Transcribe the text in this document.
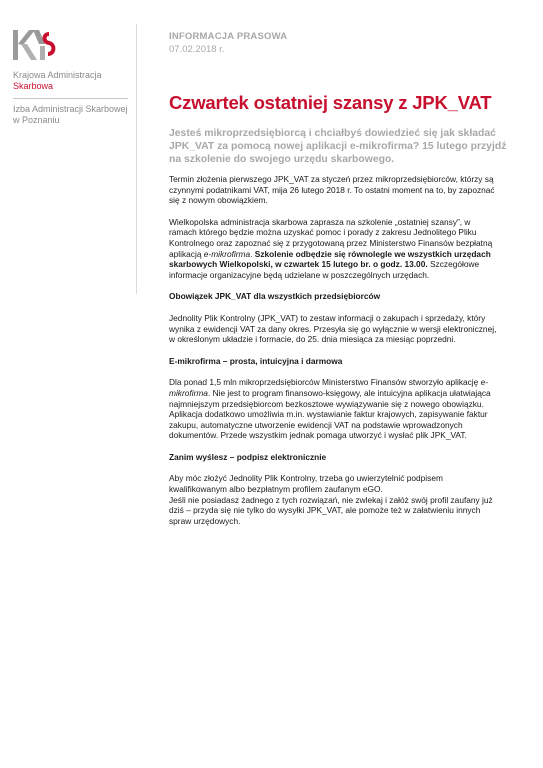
Krajowa Administracja
Skarbowa
Izba Administracji Skarbowej
w Poznaniu
INFORMACJA PRASOWA
07.02.2018 r.
Czwartek ostatniej szansy z JPK_VAT
Jesteś mikroprzedsiębiorcą i chciałbyś dowiedzieć się jak składać JPK_VAT za pomocą nowej aplikacji e-mikrofirma? 15 lutego przyjdź na szkolenie do swojego urzędu skarbowego.

Termin złożenia pierwszego JPK_VAT za styczeń przez mikroprzedsiębiorców, którzy są czynnymi podatnikami VAT, mija 26 lutego 2018 r. To ostatni moment na to, by zapoznać się z nowym obowiązkiem.

Wielkopolska administracja skarbowa zaprasza na szkolenie „ostatniej szansy”, w ramach którego będzie można uzyskać pomoc i porady z zakresu Jednolitego Pliku Kontrolnego oraz zapoznać się z przygotowaną przez Ministerstwo Finansów bezpłatną aplikacją e-mikrofirma. Szkolenie odbędzie się równolegle we wszystkich urzędach skarbowych Wielkopolski, w czwartek 15 lutego br. o godz. 13.00. Szczegółowe informacje organizacyjne będą udzielane w poszczególnych urzędach.

Obowiązek JPK_VAT dla wszystkich przedsiębiorców

Jednolity Plik Kontrolny (JPK_VAT) to zestaw informacji o zakupach i sprzedaży, który wynika z ewidencji VAT za dany okres. Przesyła się go wyłącznie w wersji elektronicznej, w określonym układzie i formacie, do 25. dnia miesiąca za miesiąc poprzedni.

E-mikrofirma – prosta, intuicyjna i darmowa

Dla ponad 1,5 mln mikroprzedsiębiorców Ministerstwo Finansów stworzyło aplikację e-mikrofirma. Nie jest to program finansowo-księgowy, ale intuicyjna aplikacja ułatwiająca najmniejszym przedsiębiorcom bezkosztowe wywiązywanie się z nowego obowiązku.

Aplikacja dodatkowo umożliwia m.in. wystawianie faktur krajowych, zapisywanie faktur zakupu, automatyczne utworzenie ewidencji VAT na podstawie wprowadzonych dokumentów. Przede wszystkim jednak pomaga utworzyć i wysłać plik JPK_VAT.

Zanim wyślesz – podpisz elektronicznie

Aby móc złożyć Jednolity Plik Kontrolny, trzeba go uwierzytelnić podpisem kwalifikowanym albo bezpłatnym profilem zaufanym eGO.

Jeśli nie posiadasz żadnego z tych rozwiązań, nie zwlekaj i załóż swój profil zaufany już dziś – przyda się nie tylko do wysyłki JPK_VAT, ale pomoże też w załatwieniu innych spraw urzędowych.
